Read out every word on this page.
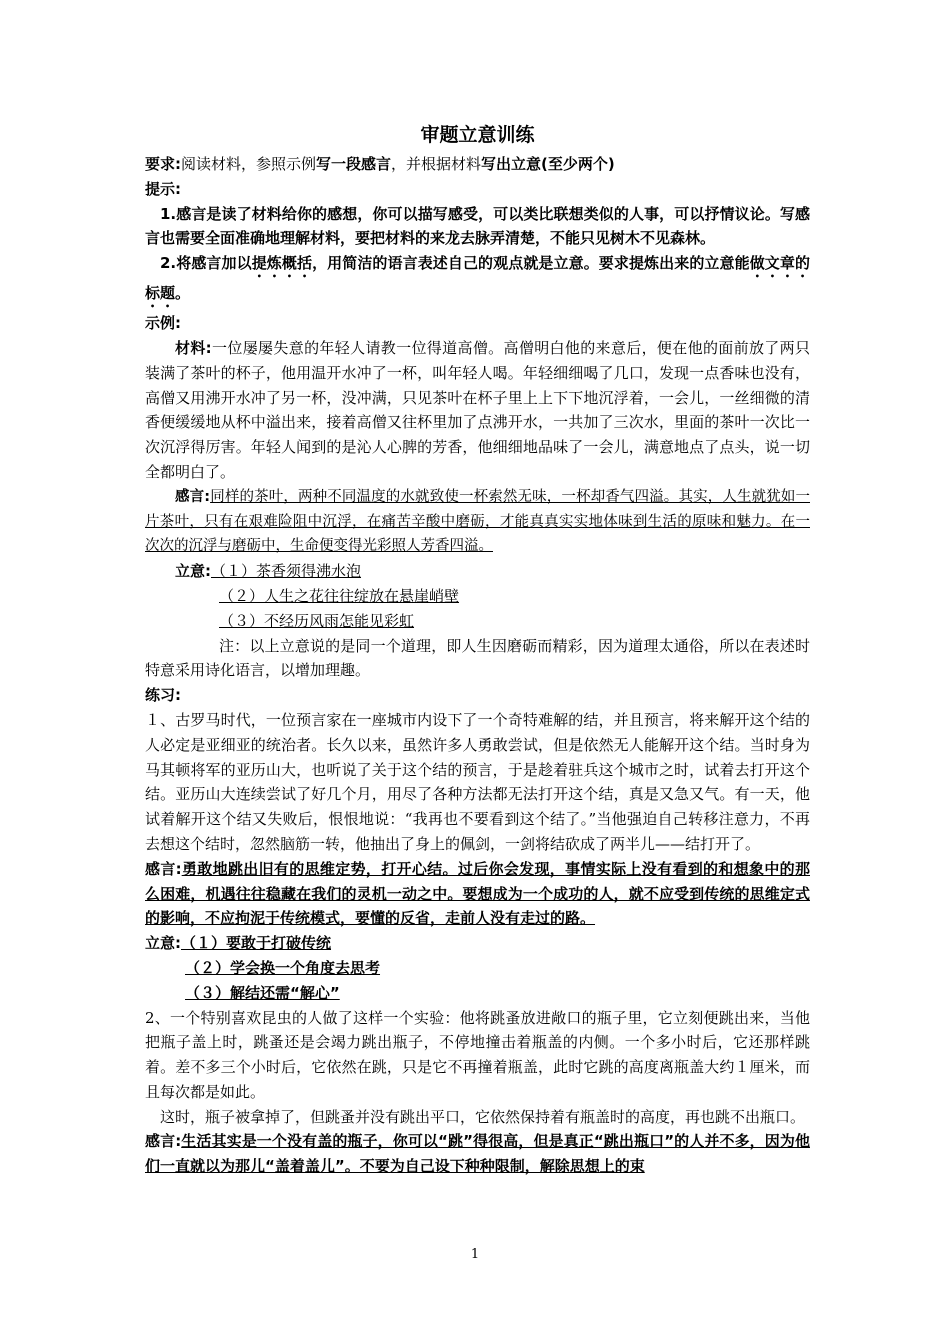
审题立意训练

要求:阅读材料，参照示例写一段感言，并根据材料写出立意(至少两个)

提示:

1.感言是读了材料给你的感想，你可以描写感受，可以类比联想类似的人事，可以抒情议论。写感言也需要全面准确地理解材料，要把材料的来龙去脉弄清楚，不能只见树木不见森林。

2.将感言加以提炼概括，用简洁的语言表述自己的观点就是立意。要求提炼出来的立意能做文章的标题。

示例:

材料:一位屡屡失意的年轻人请教一位得道高僧。高僧明白他的来意后，便在他的面前放了两只装满了茶叶的杯子，他用温开水冲了一杯，叫年轻人喝。年轻细细喝了几口，发现一点香味也没有，高僧又用沸开水冲了另一杯，没冲满，只见茶叶在杯子里上上下下地沉浮着，一会儿，一丝细微的清香便缓缓地从杯中溢出来，接着高僧又往杯里加了点沸开水，一共加了三次水，里面的茶叶一次比一次沉浮得厉害。年轻人闻到的是沁人心脾的芳香，他细细地品味了一会儿，满意地点了点头，说一切全都明白了。

感言:同样的茶叶，两种不同温度的水就致使一杯索然无味，一杯却香气四溢。其实，人生就犹如一片茶叶，只有在艰难险阻中沉浮，在痛苦辛酸中磨砺，才能真真实实地体味到生活的原味和魅力。在一次次的沉浮与磨砺中，生命便变得光彩照人芳香四溢。

立意:（１）茶香须得沸水泡

（２）人生之花往往绽放在悬崖峭壁

（３）不经历风雨怎能见彩虹

注：以上立意说的是同一个道理，即人生因磨砺而精彩，因为道理太通俗，所以在表述时特意采用诗化语言，以增加理趣。

练习:

１、古罗马时代，一位预言家在一座城市内设下了一个奇特难解的结，并且预言，将来解开这个结的人必定是亚细亚的统治者。长久以来，虽然许多人勇敢尝试，但是依然无人能解开这个结。当时身为马其顿将军的亚历山大，也听说了关于这个结的预言，于是趁着驻兵这个城市之时，试着去打开这个结。亚历山大连续尝试了好几个月，用尽了各种方法都无法打开这个结，真是又急又气。有一天，他试着解开这个结又失败后，恨恨地说：“我再也不要看到这个结了。”当他强迫自己转移注意力，不再去想这个结时，忽然脑筋一转，他抽出了身上的佩剑，一剑将结砍成了两半儿——结打开了。

感言:勇敢地跳出旧有的思维定势，打开心结。过后你会发现，事情实际上没有看到的和想象中的那么困难，机遇往往稳藏在我们的灵机一动之中。要想成为一个成功的人，就不应受到传统的思维定式的影响，不应拘泥于传统模式，要懂的反省，走前人没有走过的路。

立意:（１）要敢于打破传统

（２）学会换一个角度去思考

（３）解结还需“解心”

2、一个特别喜欢昆虫的人做了这样一个实验：他将跳蚤放进敞口的瓶子里，它立刻便跳出来，当他把瓶子盖上时，跳蚤还是会竭力跳出瓶子，不停地撞击着瓶盖的内侧。一个多小时后，它还那样跳着。差不多三个小时后，它依然在跳，只是它不再撞着瓶盖，此时它跳的高度离瓶盖大约１厘米，而且每次都是如此。

这时，瓶子被拿掉了，但跳蚤并没有跳出平口，它依然保持着有瓶盖时的高度，再也跳不出瓶口。

感言:生活其实是一个没有盖的瓶子，你可以“跳”得很高，但是真正“跳出瓶口”的人并不多，因为他们一直就以为那儿“盖着盖儿”。不要为自己设下种种限制，解除思想上的束

1
